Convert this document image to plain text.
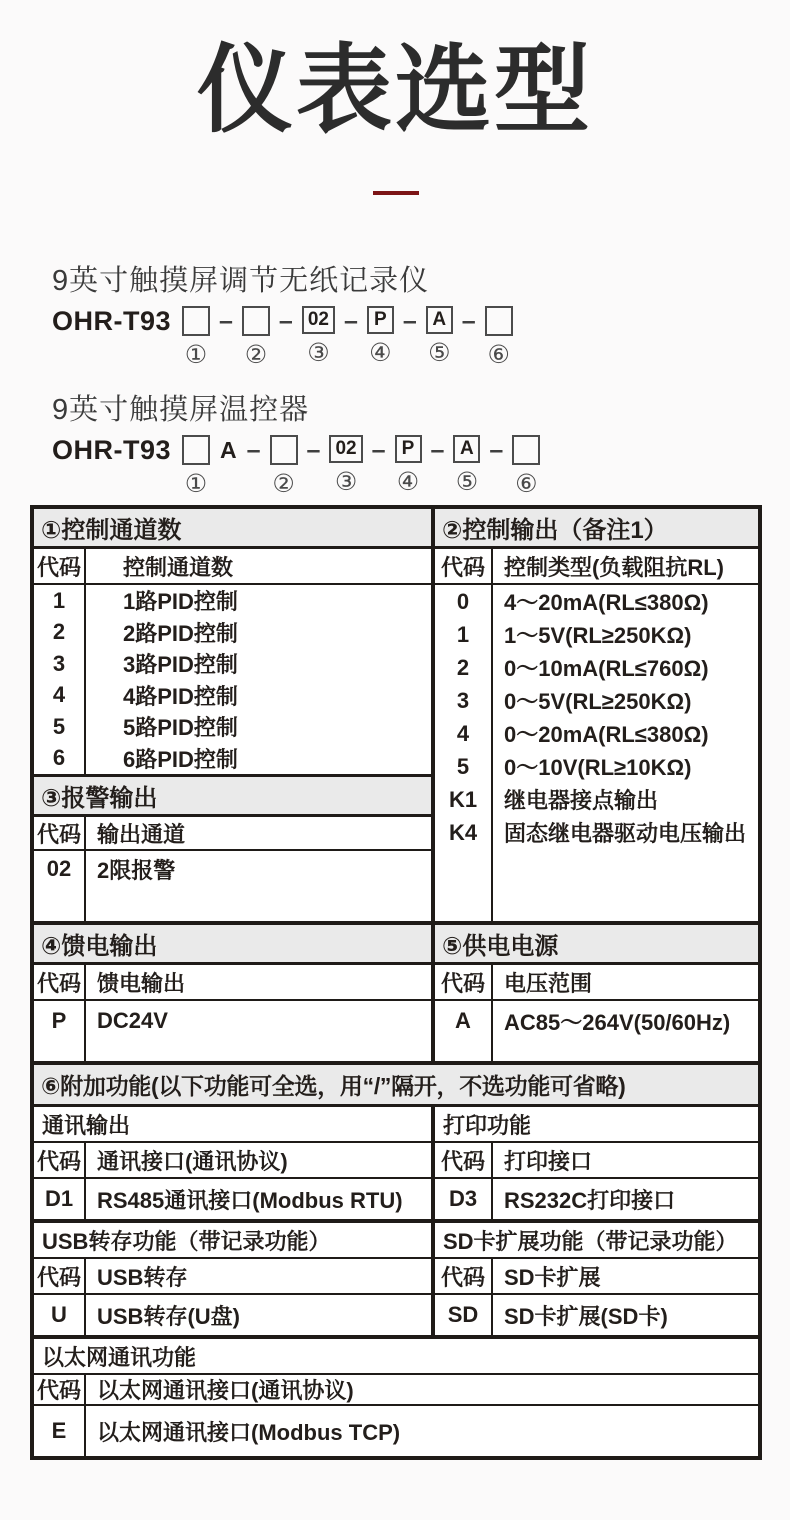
仪表选型
9英寸触摸屏调节无纸记录仪
OHR-T93
①
–
②
– 02
③
– P
④
– A
⑤
–
⑥
9英寸触摸屏温控器
OHR-T93
①
A –
②
– 02
③
– P
④
– A
⑤
–
⑥
①控制通道数
代码	控制通道数
1	1路PID控制
2	2路PID控制
3	3路PID控制
4	4路PID控制
5	5路PID控制
6	6路PID控制
③报警输出
代码 输出通道
02	2限报警
②控制输出（备注1）
代码 控制类型(负载阻抗RL)
0	4～20mA(RL≤380Ω)
1	1～5V(RL≥250KΩ)
2	0～10mA(RL≤760Ω)
3	0～5V(RL≥250KΩ)
4	0～20mA(RL≤380Ω)
5	0～10V(RL≥10KΩ)
K1	继电器接点输出
K4	固态继电器驱动电压输出
④馈电输出
代码 馈电输出
P	DC24V
⑤供电电源
代码 电压范围
A	AC85～264V(50/60Hz)
⑥附加功能(以下功能可全选，用“/”隔开，不选功能可省略)
通讯输出
代码 通讯接口(通讯协议)
D1	RS485通讯接口(Modbus RTU)
打印功能
代码 打印接口
D3	RS232C打印接口
USB转存功能（带记录功能）
代码 USB转存
U	USB转存(U盘)
SD卡扩展功能（带记录功能）
代码 SD卡扩展
SD	SD卡扩展(SD卡)
以太网通讯功能
代码 以太网通讯接口(通讯协议)
E	以太网通讯接口(Modbus TCP)
